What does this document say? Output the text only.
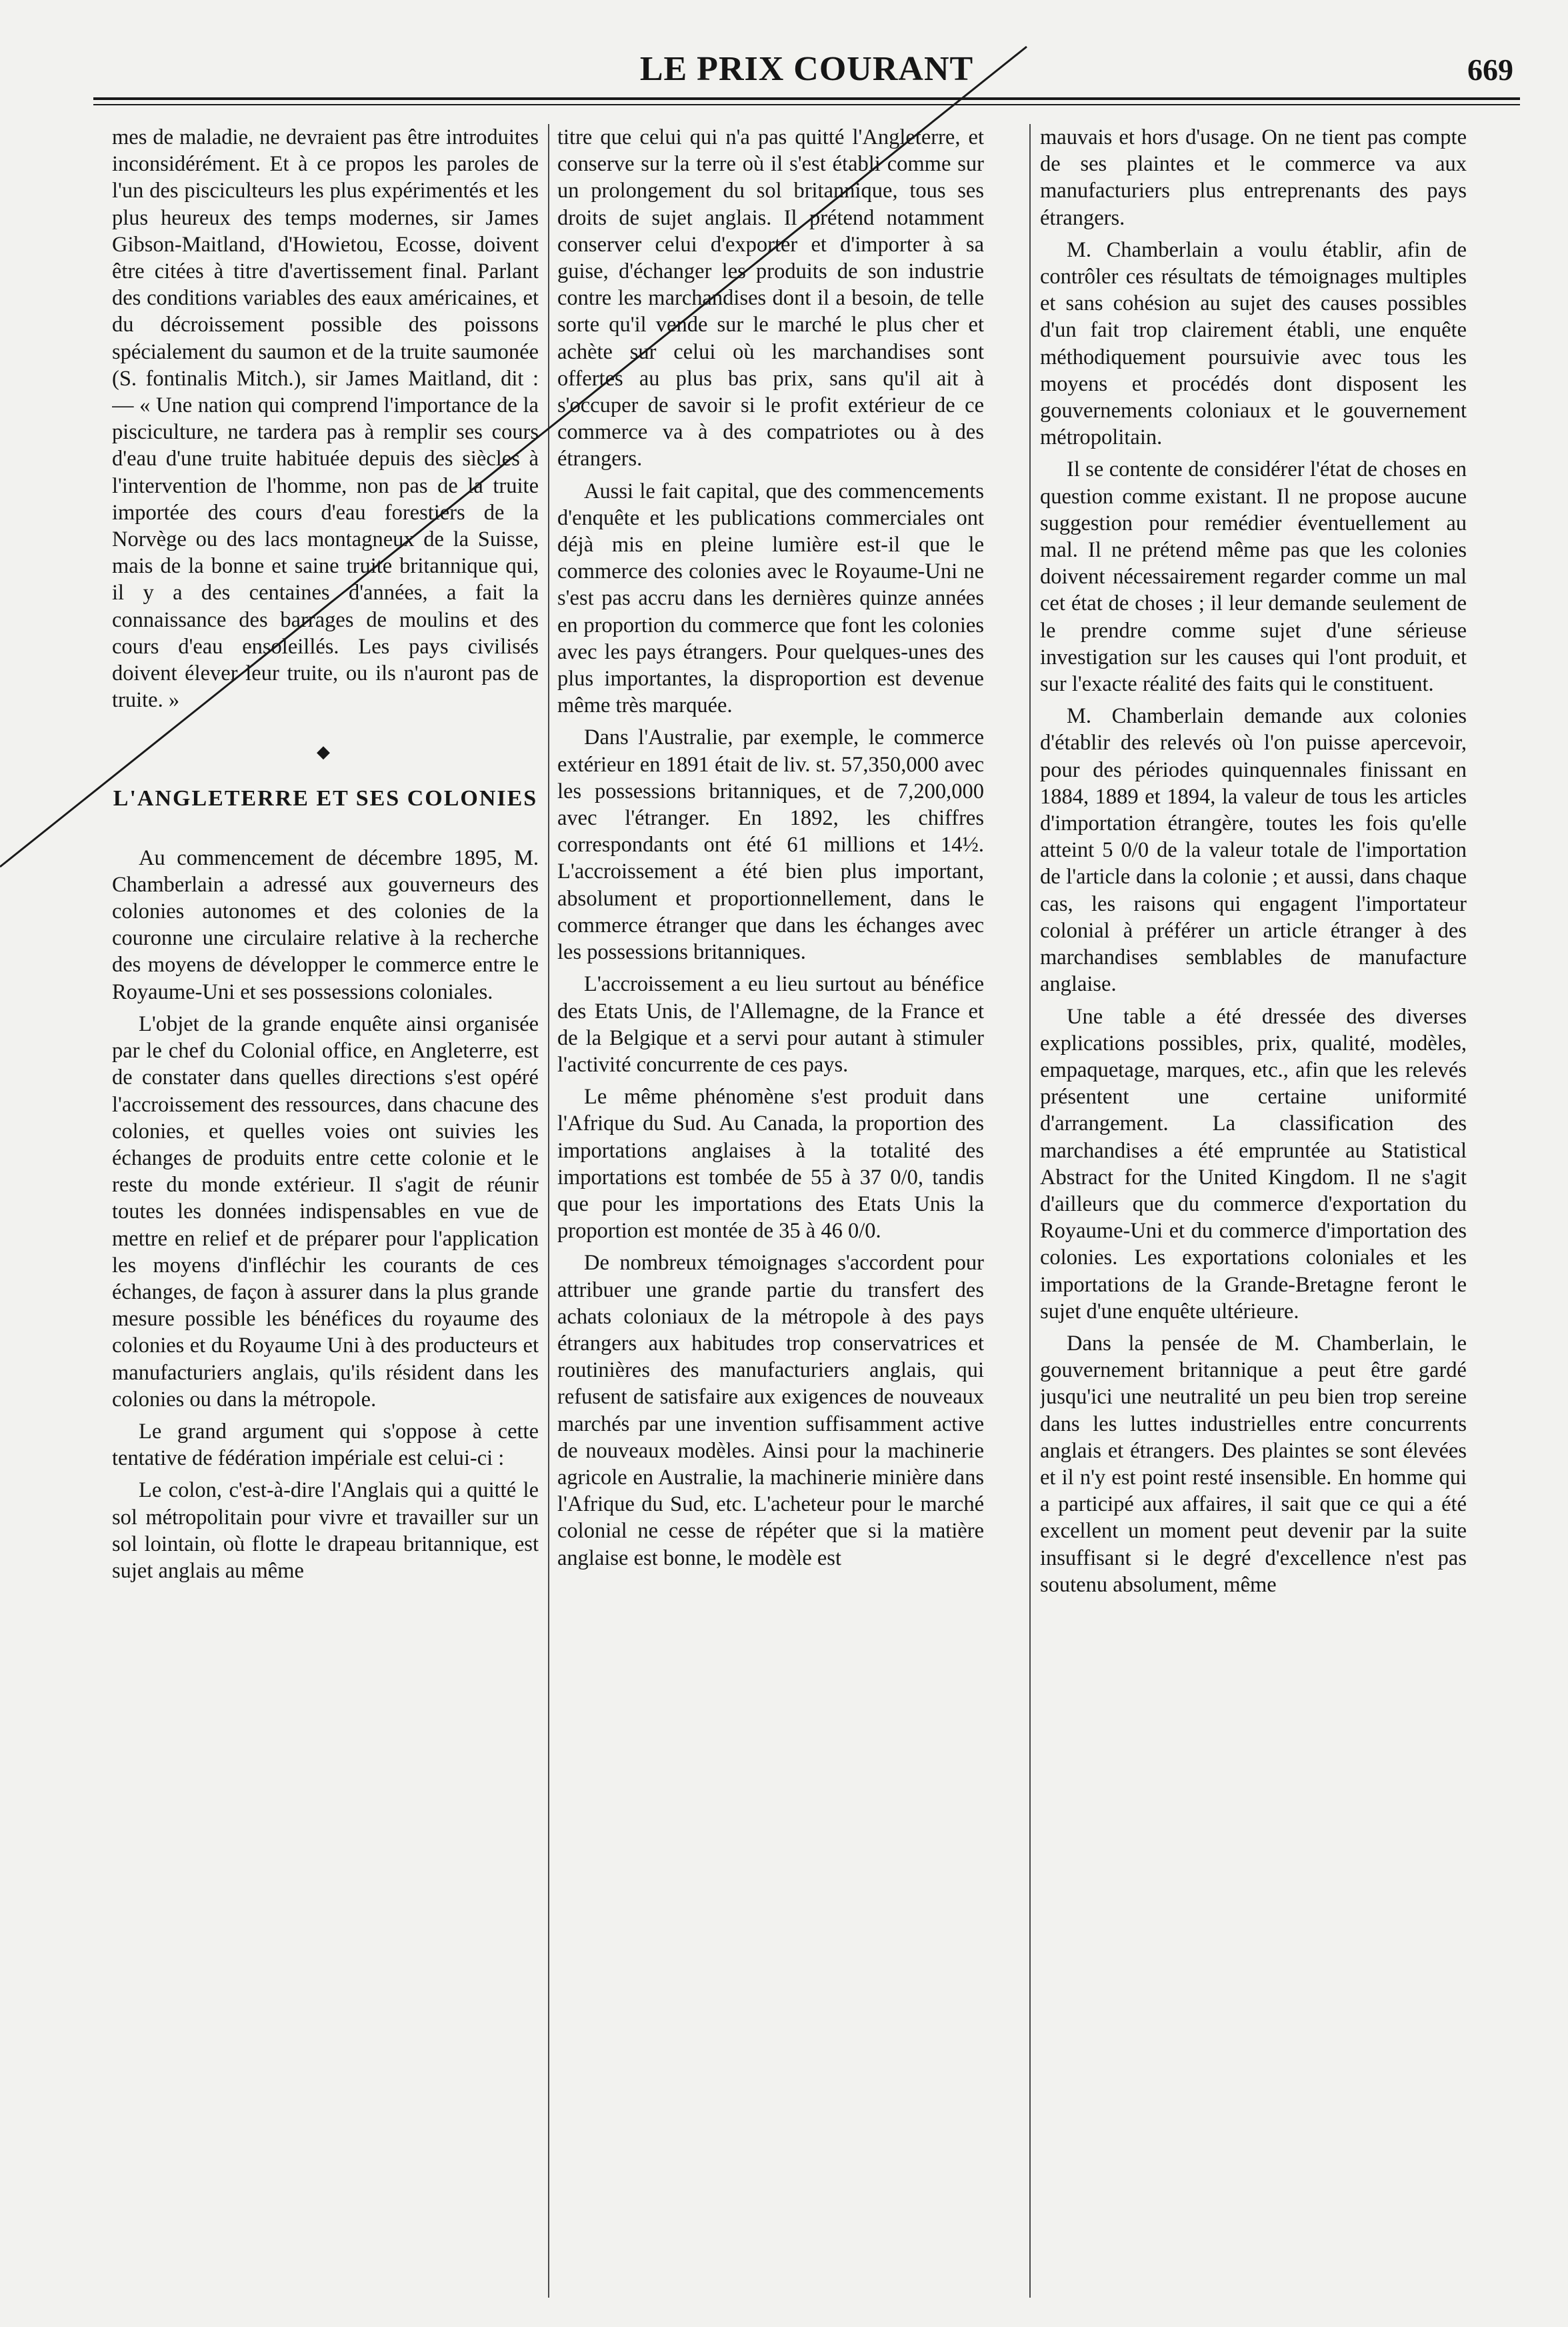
LE PRIX COURANT	669

mes de maladie, ne devraient pas être introduites inconsidérément. Et à ce propos les paroles de l'un des pisciculteurs les plus expérimentés et les plus heureux des temps modernes, sir James Gibson-Maitland, d'Howietou, Ecosse, doivent être citées à titre d'avertissement final. Parlant des conditions variables des eaux américaines, et du décroissement possible des poissons spécialement du saumon et de la truite saumonée (S. fontinalis Mitch.), sir James Maitland, dit : — « Une nation qui comprend l'importance de la pisciculture, ne tardera pas à remplir ses cours d'eau d'une truite habituée depuis des siècles à l'intervention de l'homme, non pas de la truite importée des cours d'eau forestiers de la Norvège ou des lacs montagneux de la Suisse, mais de la bonne et saine truite britannique qui, il y a des centaines d'années, a fait la connaissance des barrages de moulins et des cours d'eau ensoleillés. Les pays civilisés doivent élever leur truite, ou ils n'auront pas de truite. »

◆
L'ANGLETERRE ET SES COLONIES

Au commencement de décembre 1895, M. Chamberlain a adressé aux gouverneurs des colonies autonomes et des colonies de la couronne une circulaire relative à la recherche des moyens de développer le commerce entre le Royaume-Uni et ses possessions coloniales.

L'objet de la grande enquête ainsi organisée par le chef du Colonial office, en Angleterre, est de constater dans quelles directions s'est opéré l'accroissement des ressources, dans chacune des colonies, et quelles voies ont suivies les échanges de produits entre cette colonie et le reste du monde extérieur. Il s'agit de réunir toutes les données indispensables en vue de mettre en relief et de préparer pour l'application les moyens d'infléchir les courants de ces échanges, de façon à assurer dans la plus grande mesure possible les bénéfices du royaume des colonies et du Royaume Uni à des producteurs et manufacturiers anglais, qu'ils résident dans les colonies ou dans la métropole.

Le grand argument qui s'oppose à cette tentative de fédération impériale est celui-ci :

Le colon, c'est-à-dire l'Anglais qui a quitté le sol métropolitain pour vivre et travailler sur un sol lointain, où flotte le drapeau britannique, est sujet anglais au même

titre que celui qui n'a pas quitté l'Angleterre, et conserve sur la terre où il s'est établi comme sur un prolongement du sol britannique, tous ses droits de sujet anglais. Il prétend notamment conserver celui d'exporter et d'importer à sa guise, d'échanger les produits de son industrie contre les marchandises dont il a besoin, de telle sorte qu'il vende sur le marché le plus cher et achète sur celui où les marchandises sont offertes au plus bas prix, sans qu'il ait à s'occuper de savoir si le profit extérieur de ce commerce va à des compatriotes ou à des étrangers.

Aussi le fait capital, que des commencements d'enquête et les publications commerciales ont déjà mis en pleine lumière est-il que le commerce des colonies avec le Royaume-Uni ne s'est pas accru dans les dernières quinze années en proportion du commerce que font les colonies avec les pays étrangers. Pour quelques-unes des plus importantes, la disproportion est devenue même très marquée.

Dans l'Australie, par exemple, le commerce extérieur en 1891 était de liv. st. 57,350,000 avec les possessions britanniques, et de 7,200,000 avec l'étranger. En 1892, les chiffres correspondants ont été 61 millions et 14½. L'accroissement a été bien plus important, absolument et proportionnellement, dans le commerce étranger que dans les échanges avec les possessions britanniques.

L'accroissement a eu lieu surtout au bénéfice des Etats Unis, de l'Allemagne, de la France et de la Belgique et a servi pour autant à stimuler l'activité concurrente de ces pays.

Le même phénomène s'est produit dans l'Afrique du Sud. Au Canada, la proportion des importations anglaises à la totalité des importations est tombée de 55 à 37 0/0, tandis que pour les importations des Etats Unis la proportion est montée de 35 à 46 0/0.

De nombreux témoignages s'accordent pour attribuer une grande partie du transfert des achats coloniaux de la métropole à des pays étrangers aux habitudes trop conservatrices et routinières des manufacturiers anglais, qui refusent de satisfaire aux exigences de nouveaux marchés par une invention suffisamment active de nouveaux modèles. Ainsi pour la machinerie agricole en Australie, la machinerie minière dans l'Afrique du Sud, etc. L'acheteur pour le marché colonial ne cesse de répéter que si la matière anglaise est bonne, le modèle est

mauvais et hors d'usage. On ne tient pas compte de ses plaintes et le commerce va aux manufacturiers plus entreprenants des pays étrangers.

M. Chamberlain a voulu établir, afin de contrôler ces résultats de témoignages multiples et sans cohésion au sujet des causes possibles d'un fait trop clairement établi, une enquête méthodiquement poursuivie avec tous les moyens et procédés dont disposent les gouvernements coloniaux et le gouvernement métropolitain.

Il se contente de considérer l'état de choses en question comme existant. Il ne propose aucune suggestion pour remédier éventuellement au mal. Il ne prétend même pas que les colonies doivent nécessairement regarder comme un mal cet état de choses ; il leur demande seulement de le prendre comme sujet d'une sérieuse investigation sur les causes qui l'ont produit, et sur l'exacte réalité des faits qui le constituent.

M. Chamberlain demande aux colonies d'établir des relevés où l'on puisse apercevoir, pour des périodes quinquennales finissant en 1884, 1889 et 1894, la valeur de tous les articles d'importation étrangère, toutes les fois qu'elle atteint 5 0/0 de la valeur totale de l'importation de l'article dans la colonie ; et aussi, dans chaque cas, les raisons qui engagent l'importateur colonial à préférer un article étranger à des marchandises semblables de manufacture anglaise.

Une table a été dressée des diverses explications possibles, prix, qualité, modèles, empaquetage, marques, etc., afin que les relevés présentent une certaine uniformité d'arrangement. La classification des marchandises a été empruntée au Statistical Abstract for the United Kingdom. Il ne s'agit d'ailleurs que du commerce d'exportation du Royaume-Uni et du commerce d'importation des colonies. Les exportations coloniales et les importations de la Grande-Bretagne feront le sujet d'une enquête ultérieure.

Dans la pensée de M. Chamberlain, le gouvernement britannique a peut être gardé jusqu'ici une neutralité un peu bien trop sereine dans les luttes industrielles entre concurrents anglais et étrangers. Des plaintes se sont élevées et il n'y est point resté insensible. En homme qui a participé aux affaires, il sait que ce qui a été excellent un moment peut devenir par la suite insuffisant si le degré d'excellence n'est pas soutenu absolument, même
